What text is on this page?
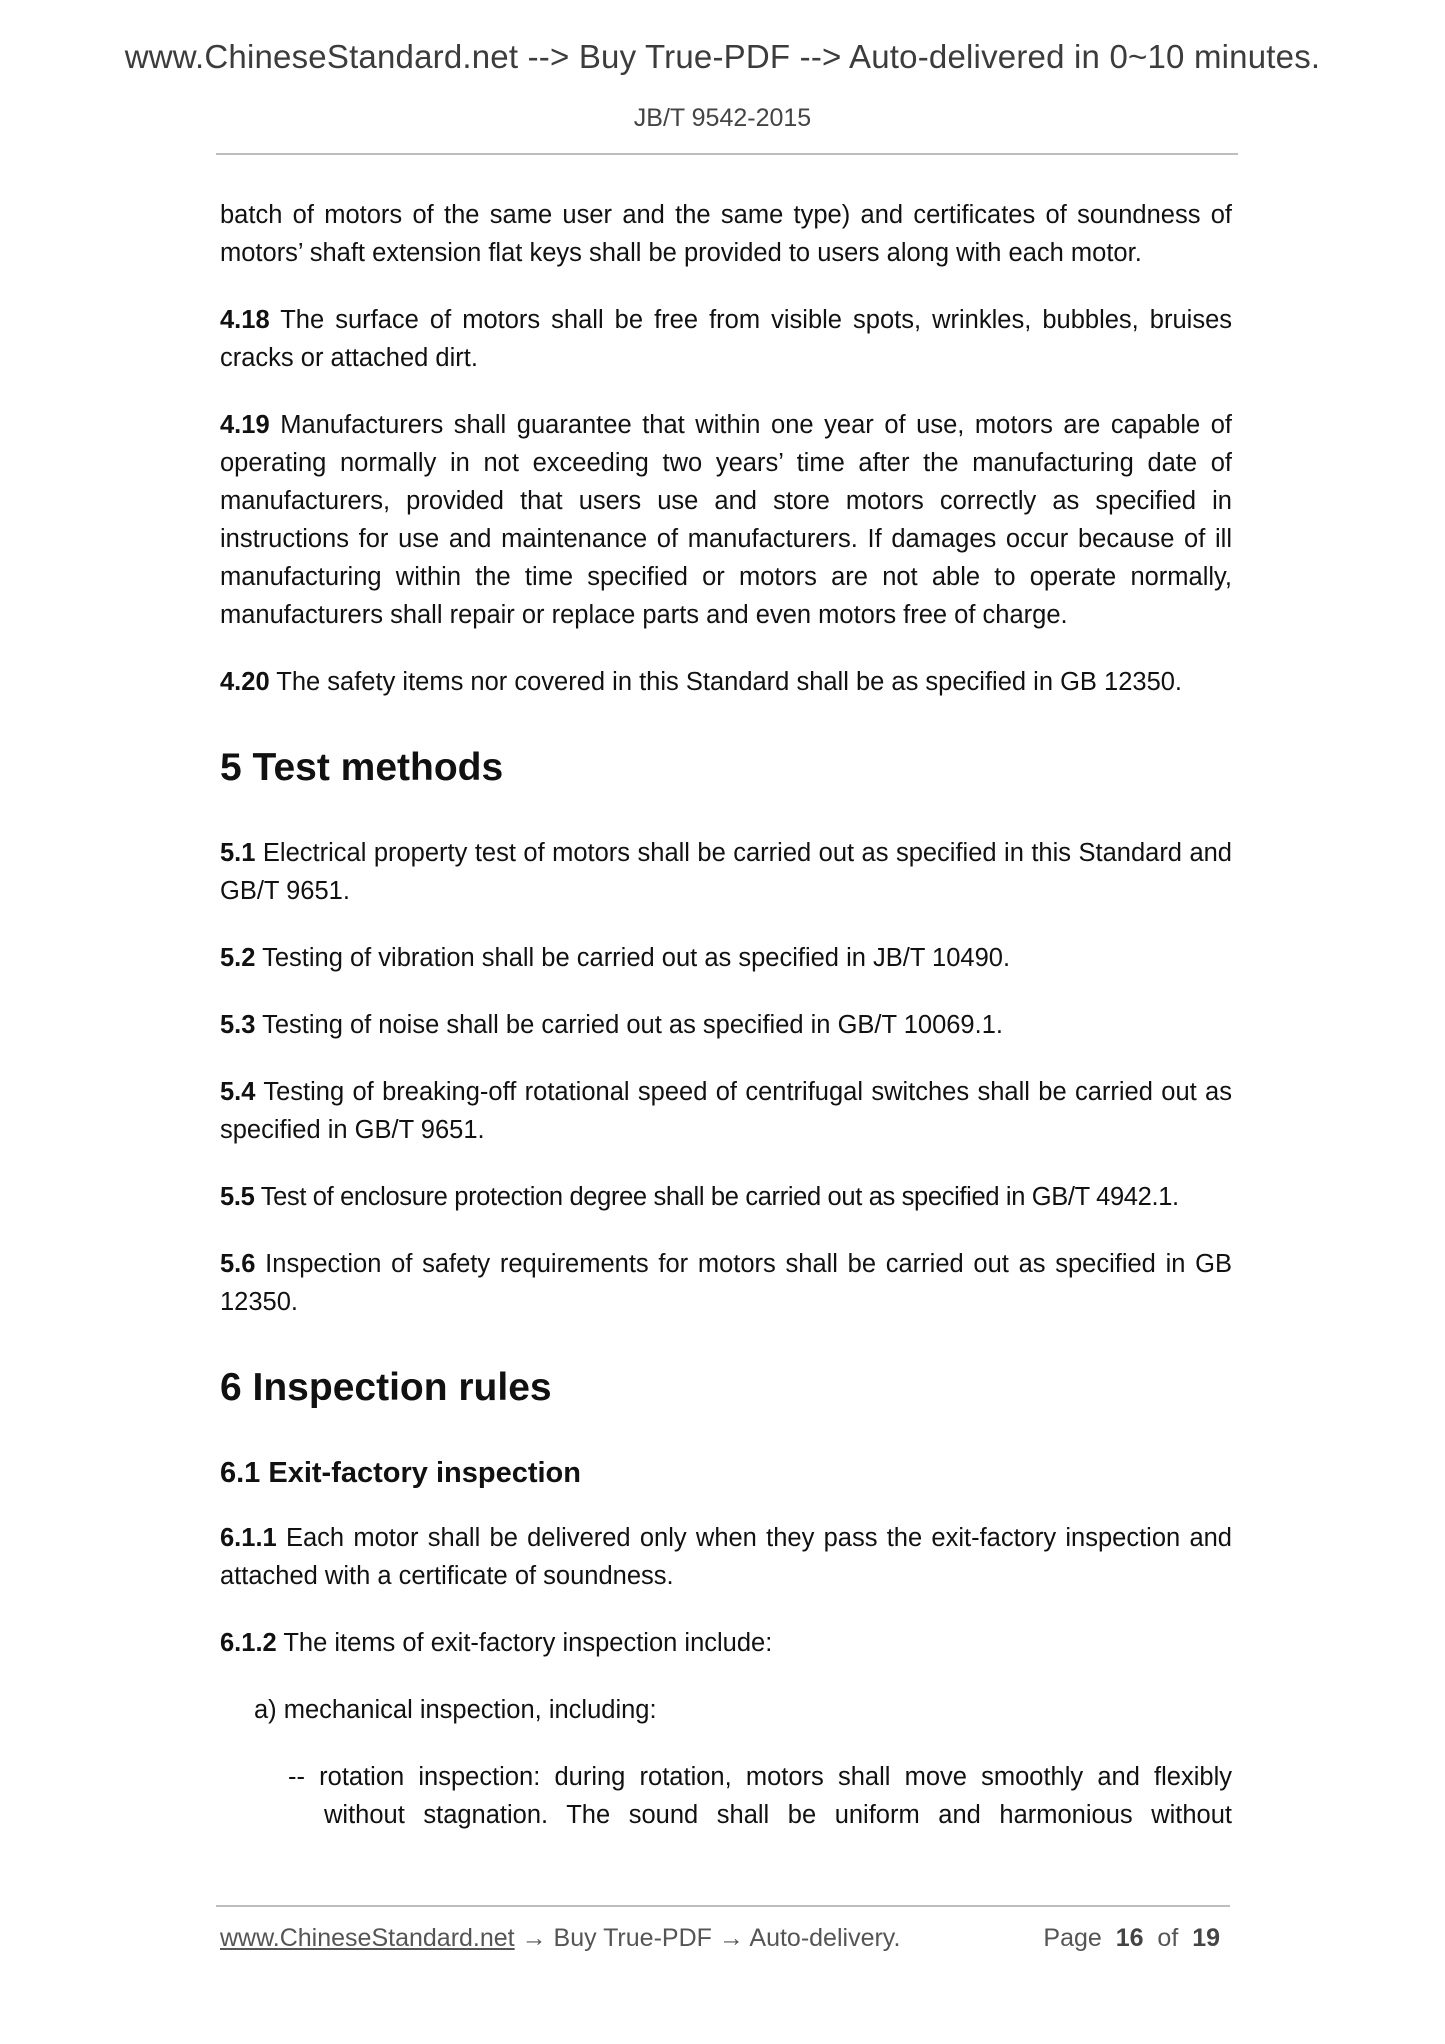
www.ChineseStandard.net --> Buy True-PDF --> Auto-delivered in 0~10 minutes.
JB/T 9542-2015

batch of motors of the same user and the same type) and certificates of soundness of motors’ shaft extension flat keys shall be provided to users along with each motor.

4.18 The surface of motors shall be free from visible spots, wrinkles, bubbles, bruises cracks or attached dirt.

4.19 Manufacturers shall guarantee that within one year of use, motors are capable of operating normally in not exceeding two years’ time after the manufacturing date of manufacturers, provided that users use and store motors correctly as specified in instructions for use and maintenance of manufacturers. If damages occur because of ill manufacturing within the time specified or motors are not able to operate normally, manufacturers shall repair or replace parts and even motors free of charge.

4.20 The safety items nor covered in this Standard shall be as specified in GB 12350.

5 Test methods

5.1 Electrical property test of motors shall be carried out as specified in this Standard and GB/T 9651.

5.2 Testing of vibration shall be carried out as specified in JB/T 10490.

5.3 Testing of noise shall be carried out as specified in GB/T 10069.1.

5.4 Testing of breaking-off rotational speed of centrifugal switches shall be carried out as specified in GB/T 9651.

5.5 Test of enclosure protection degree shall be carried out as specified in GB/T 4942.1.

5.6 Inspection of safety requirements for motors shall be carried out as specified in GB 12350.

6 Inspection rules
6.1 Exit-factory inspection

6.1.1 Each motor shall be delivered only when they pass the exit-factory inspection and attached with a certificate of soundness.

6.1.2 The items of exit-factory inspection include:

a) mechanical inspection, including:

-- rotation inspection: during rotation, motors shall move smoothly and flexibly
without stagnation. The sound shall be uniform and harmonious without
www.ChineseStandard.net → Buy True-PDF → Auto-delivery.	Page 16 of 19
